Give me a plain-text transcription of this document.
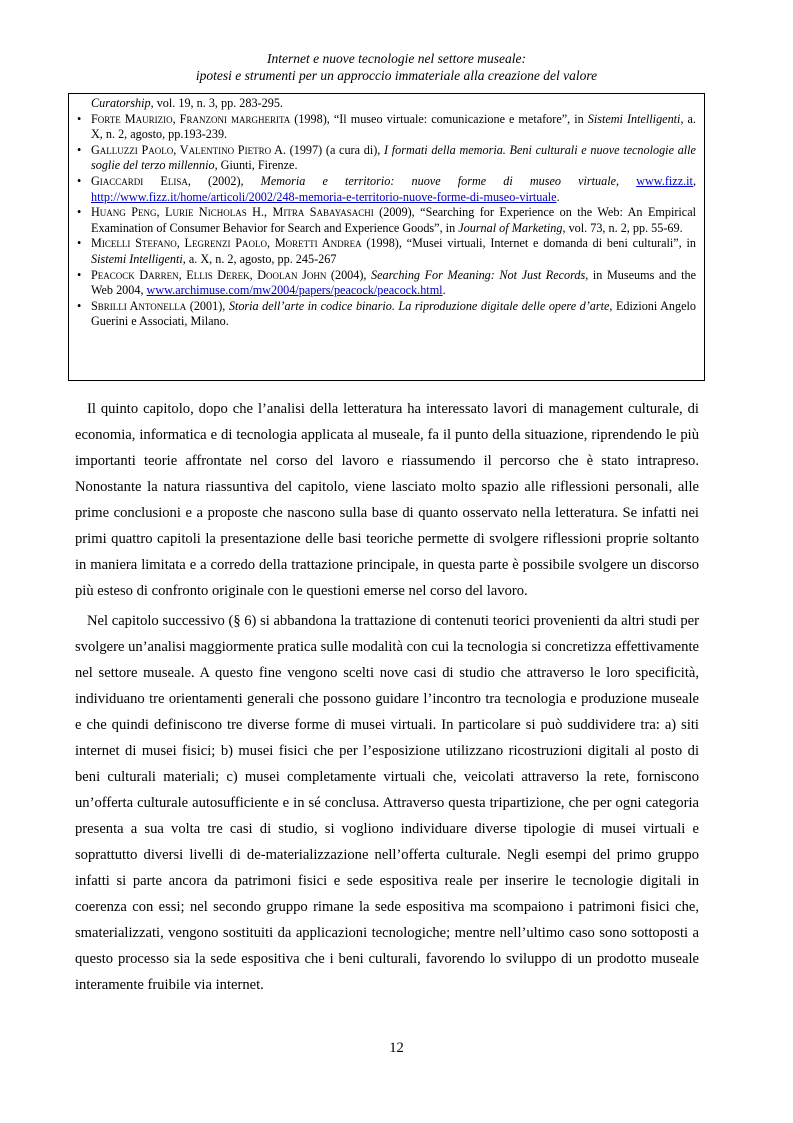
Internet e nuove tecnologie nel settore museale:
ipotesi e strumenti per un approccio immateriale alla creazione del valore
Curatorship, vol. 19, n. 3, pp. 283-295.
• Forte Maurizio, Franzoni margherita (1998), “Il museo virtuale: comunicazione e metafore”, in Sistemi Intelligenti, a. X, n. 2, agosto, pp.193-239.
• Galluzzi Paolo, Valentino Pietro A. (1997) (a cura di), I formati della memoria. Beni culturali e nuove tecnologie alle soglie del terzo millennio, Giunti, Firenze.
• Giaccardi Elisa, (2002), Memoria e territorio: nuove forme di museo virtuale, www.fizz.it, http://www.fizz.it/home/articoli/2002/248-memoria-e-territorio-nuove-forme-di-museo-virtuale.
• Huang Peng, Lurie Nicholas H., Mitra Sabayasachi (2009), “Searching for Experience on the Web: An Empirical Examination of Consumer Behavior for Search and Experience Goods”, in Journal of Marketing, vol. 73, n. 2, pp. 55-69.
• Micelli Stefano, Legrenzi Paolo, Moretti Andrea (1998), “Musei virtuali, Internet e domanda di beni culturali”, in Sistemi Intelligenti, a. X, n. 2, agosto, pp. 245-267
• Peacock Darren, Ellis Derek, Doolan John (2004), Searching For Meaning: Not Just Records, in Museums and the Web 2004, www.archimuse.com/mw2004/papers/peacock/peacock.html.
• Sbrilli Antonella (2001), Storia dell’arte in codice binario. La riproduzione digitale delle opere d’arte, Edizioni Angelo Guerini e Associati, Milano.

Il quinto capitolo, dopo che l’analisi della letteratura ha interessato lavori di management culturale, di economia, informatica e di tecnologia applicata al museale, fa il punto della situazione, riprendendo le più importanti teorie affrontate nel corso del lavoro e riassumendo il percorso che è stato intrapreso. Nonostante la natura riassuntiva del capitolo, viene lasciato molto spazio alle riflessioni personali, alle prime conclusioni e a proposte che nascono sulla base di quanto osservato nella letteratura. Se infatti nei primi quattro capitoli la presentazione delle basi teoriche permette di svolgere riflessioni proprie soltanto in maniera limitata e a corredo della trattazione principale, in questa parte è possibile svolgere un discorso più esteso di confronto originale con le questioni emerse nel corso del lavoro.

Nel capitolo successivo (§ 6) si abbandona la trattazione di contenuti teorici provenienti da altri studi per svolgere un’analisi maggiormente pratica sulle modalità con cui la tecnologia si concretizza effettivamente nel settore museale. A questo fine vengono scelti nove casi di studio che attraverso le loro specificità, individuano tre orientamenti generali che possono guidare l’incontro tra tecnologia e produzione museale e che quindi definiscono tre diverse forme di musei virtuali. In particolare si può suddividere tra: a) siti internet di musei fisici; b) musei fisici che per l’esposizione utilizzano ricostruzioni digitali al posto di beni culturali materiali; c) musei completamente virtuali che, veicolati attraverso la rete, forniscono un’offerta culturale autosufficiente e in sé conclusa. Attraverso questa tripartizione, che per ogni categoria presenta a sua volta tre casi di studio, si vogliono individuare diverse tipologie di musei virtuali e soprattutto diversi livelli di de-materializzazione nell’offerta culturale. Negli esempi del primo gruppo infatti si parte ancora da patrimoni fisici e sede espositiva reale per inserire le tecnologie digitali in coerenza con essi; nel secondo gruppo rimane la sede espositiva ma scompaiono i patrimoni fisici che, smaterializzati, vengono sostituiti da applicazioni tecnologiche; mentre nell’ultimo caso sono sottoposti a questo processo sia la sede espositiva che i beni culturali, favorendo lo sviluppo di un prodotto museale interamente fruibile via internet.

12
